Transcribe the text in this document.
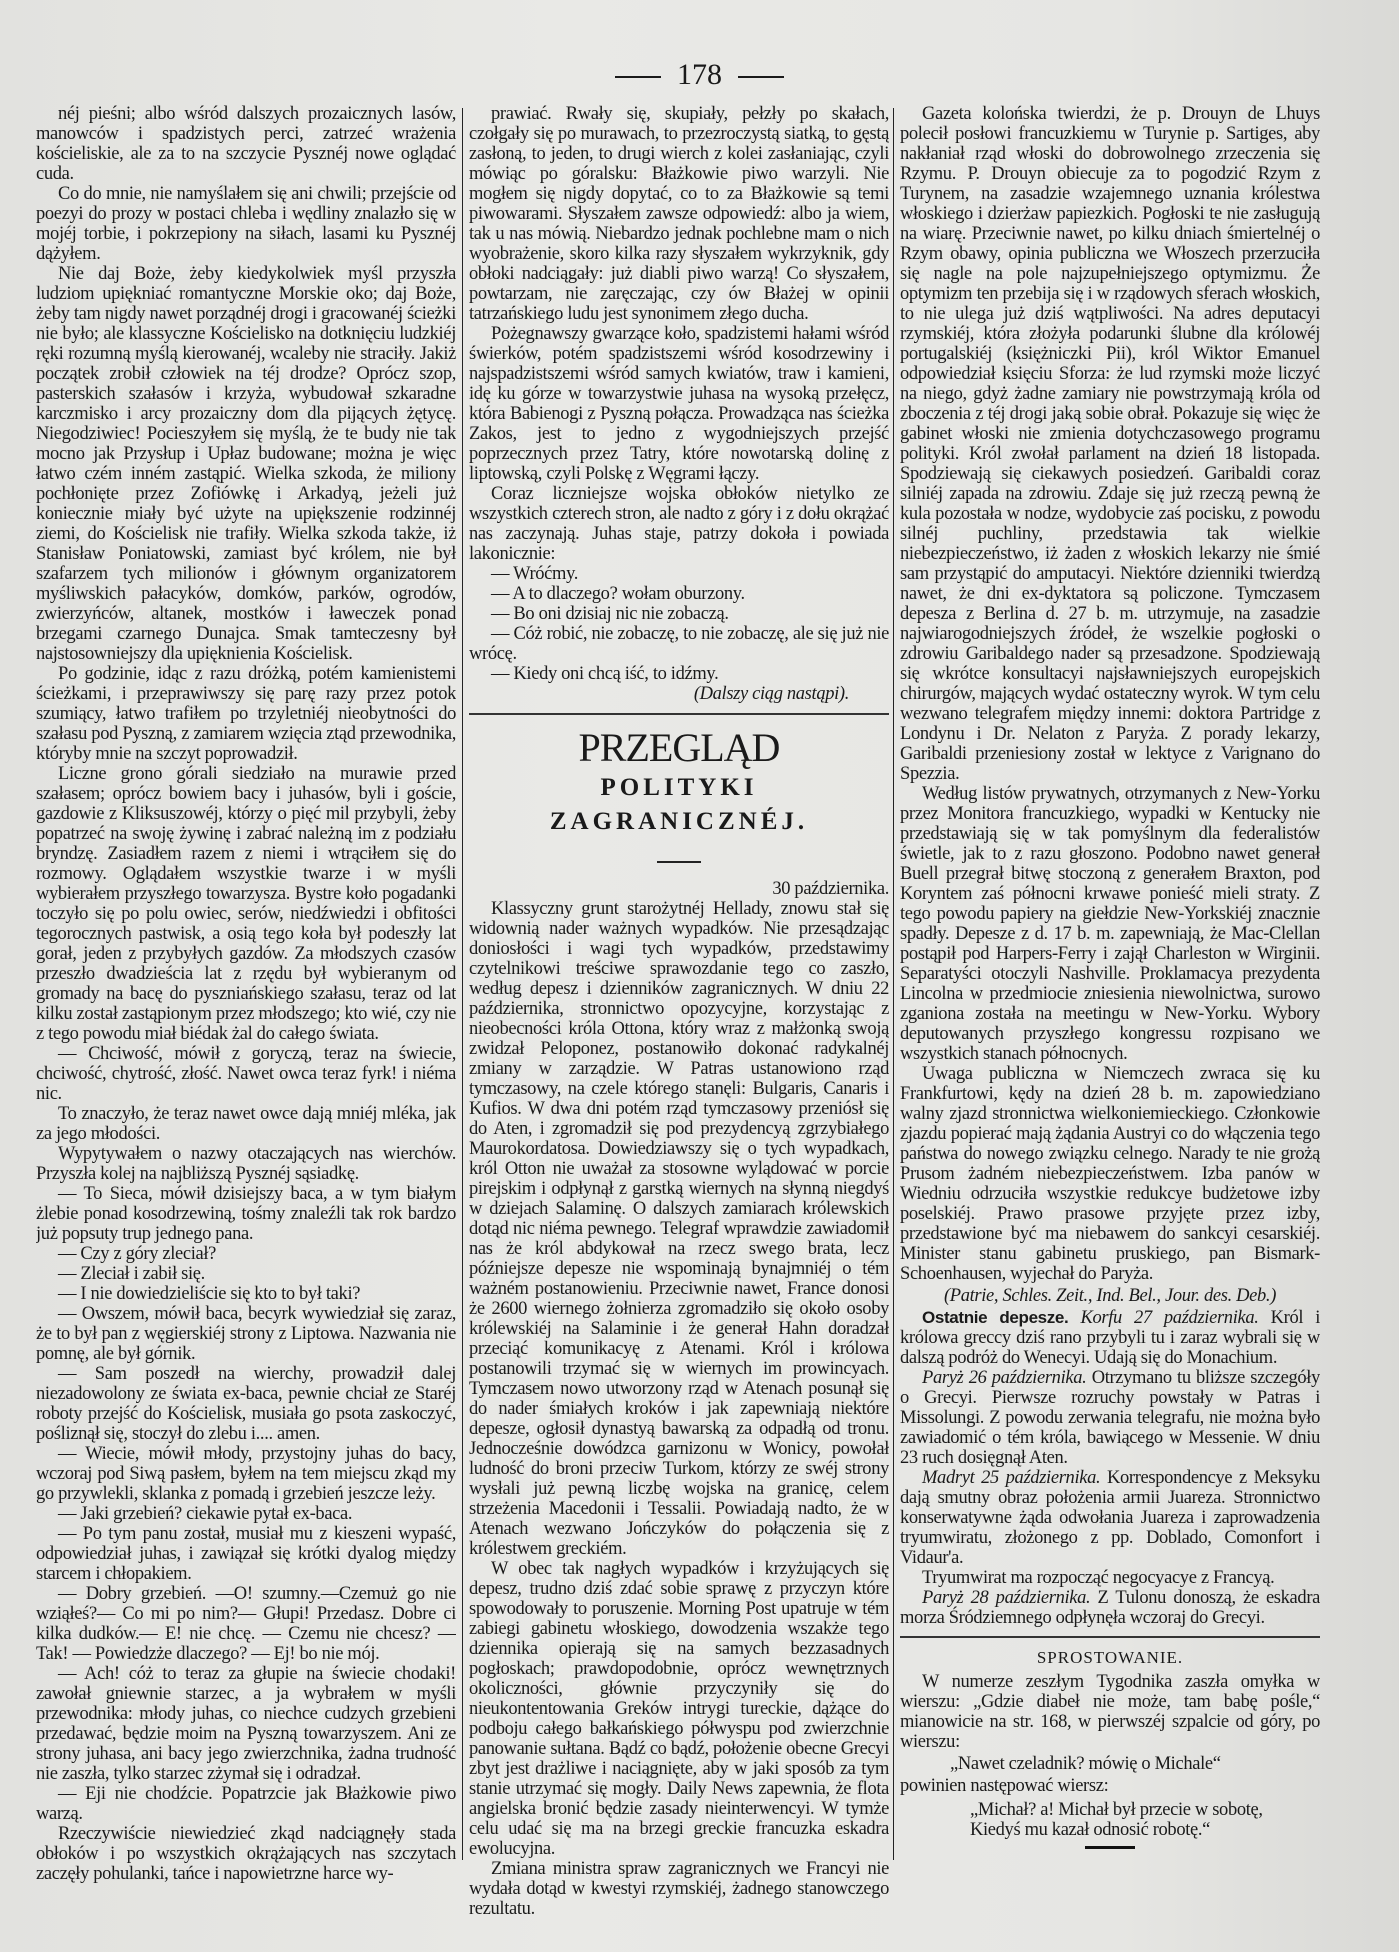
178

néj pieśni; albo wśród dalszych prozaicznych lasów, manowców i spadzistych perci, zatrzeć wrażenia kościeliskie, ale za to na szczycie Pysznéj nowe oglądać cuda.

Co do mnie, nie namyślałem się ani chwili; przejście od poezyi do prozy w postaci chleba i wędliny znalazło się w mojéj torbie, i pokrzepiony na siłach, lasami ku Pysznéj dążyłem.

Nie daj Boże, żeby kiedykolwiek myśl przyszła ludziom upiękniać romantyczne Morskie oko; daj Boże, żeby tam nigdy nawet porządnéj drogi i gracowanéj ścieżki nie było; ale klassyczne Kościelisko na dotknięciu ludzkiéj ręki rozumną myślą kierowanéj, wcaleby nie straciły. Jakiż początek zrobił człowiek na téj drodze? Oprócz szop, pasterskich szałasów i krzyża, wybudował szkaradne karczmisko i arcy prozaiczny dom dla pijących żętycę. Niegodziwiec! Pocieszyłem się myślą, że te budy nie tak mocno jak Przysłup i Upłaz budowane; można je więc łatwo czém inném zastąpić. Wielka szkoda, że miliony pochłonięte przez Zofiówkę i Arkadyą, jeżeli już koniecznie miały być użyte na upiększenie rodzinnéj ziemi, do Kościelisk nie trafiły. Wielka szkoda także, iż Stanisław Poniatowski, zamiast być królem, nie był szafarzem tych milionów i głównym organizatorem myśliwskich pałacyków, domków, parków, ogrodów, zwierzyńców, altanek, mostków i ławeczek ponad brzegami czarnego Dunajca. Smak tamteczesny był najstosowniejszy dla upięknienia Kościelisk.

Po godzinie, idąc z razu dróżką, potém kamienistemi ścieżkami, i przeprawiwszy się parę razy przez potok szumiący, łatwo trafiłem po trzyletniéj nieobytności do szałasu pod Pyszną, z zamiarem wzięcia ztąd przewodnika, któryby mnie na szczyt poprowadził.

Liczne grono górali siedziało na murawie przed szałasem; oprócz bowiem bacy i juhasów, byli i goście, gazdowie z Kliksuszowéj, którzy o pięć mil przybyli, żeby popatrzeć na swoję żywinę i zabrać należną im z podziału bryndzę. Zasiadłem razem z niemi i wtrąciłem się do rozmowy. Oglądałem wszystkie twarze i w myśli wybierałem przyszłego towarzysza. Bystre koło pogadanki toczyło się po polu owiec, serów, niedźwiedzi i obfitości tegorocznych pastwisk, a osią tego koła był podeszły lat gorał, jeden z przybyłych gazdów. Za młodszych czasów przeszło dwadzieścia lat z rzędu był wybieranym od gromady na bacę do pyszniańskiego szałasu, teraz od lat kilku został zastąpionym przez młodszego; kto wié, czy nie z tego powodu miał biédak żal do całego świata.

— Chciwość, mówił z goryczą, teraz na świecie, chciwość, chytrość, złość. Nawet owca teraz fyrk! i niéma nic.

To znaczyło, że teraz nawet owce dają mniéj mléka, jak za jego młodości.

Wypytywałem o nazwy otaczających nas wierchów. Przyszła kolej na najbliższą Pysznéj sąsiadkę.

— To Sieca, mówił dzisiejszy baca, a w tym białym żlebie ponad kosodrzewiną, tośmy znaleźli tak rok bardzo już popsuty trup jednego pana.

— Czy z góry zleciał?

— Zleciał i zabił się.

— I nie dowiedzieliście się kto to był taki?

— Owszem, mówił baca, becyrk wywiedział się zaraz, że to był pan z węgierskiéj strony z Liptowa. Nazwania nie pomnę, ale był górnik.

— Sam poszedł na wierchy, prowadził dalej niezadowolony ze świata ex-baca, pewnie chciał ze Staréj roboty przejść do Kościelisk, musiała go psota zaskoczyć, pośliznął się, stoczył do zlebu i.... amen.

— Wiecie, mówił młody, przystojny juhas do bacy, wczoraj pod Siwą pasłem, byłem na tem miejscu zkąd my go przywlekli, sklanka z pomadą i grzebień jeszcze leży.

— Jaki grzebień? ciekawie pytał ex-baca.

— Po tym panu został, musiał mu z kieszeni wypaść, odpowiedział juhas, i zawiązał się krótki dyalog między starcem i chłopakiem.

— Dobry grzebień. —O! szumny.—Czemuż go nie wziąłeś?— Co mi po nim?— Głupi! Przedasz. Dobre ci kilka dudków.— E! nie chcę. — Czemu nie chcesz? —Tak! — Powiedzże dlaczego? — Ej! bo nie mój.

— Ach! cóż to teraz za głupie na świecie chodaki! zawołał gniewnie starzec, a ja wybrałem w myśli przewodnika: młody juhas, co niechce cudzych grzebieni przedawać, będzie moim na Pyszną towarzyszem. Ani ze strony juhasa, ani bacy jego zwierzchnika, żadna trudność nie zaszła, tylko starzec zżymał się i odradzał.

— Eji nie chodźcie. Popatrzcie jak Błażkowie piwo warzą.

Rzeczywiście niewiedzieć zkąd nadciągnęły stada obłoków i po wszystkich okrążających nas szczytach zaczęły pohulanki, tańce i napowietrzne harce wy-

prawiać. Rwały się, skupiały, pełzły po skałach, czołgały się po murawach, to przezroczystą siatką, to gęstą zasłoną, to jeden, to drugi wierch z kolei zasłaniając, czyli mówiąc po góralsku: Błażkowie piwo warzyli. Nie mogłem się nigdy dopytać, co to za Błażkowie są temi piwowarami. Słyszałem zawsze odpowiedź: albo ja wiem, tak u nas mówią. Niebardzo jednak pochlebne mam o nich wyobrażenie, skoro kilka razy słyszałem wykrzyknik, gdy obłoki nadciągały: już diabli piwo warzą! Co słyszałem, powtarzam, nie zaręczając, czy ów Błażej w opinii tatrzańskiego ludu jest synonimem złego ducha.

Pożegnawszy gwarzące koło, spadzistemi hałami wśród świerków, potém spadzistszemi wśród kosodrzewiny i najspadzistszemi wśród samych kwiatów, traw i kamieni, idę ku górze w towarzystwie juhasa na wysoką przełęcz, która Babienogi z Pyszną połącza. Prowadząca nas ścieżka Zakos, jest to jedno z wygodniejszych przejść poprzecznych przez Tatry, które nowotarską dolinę z liptowską, czyli Polskę z Węgrami łączy.

Coraz liczniejsze wojska obłoków nietylko ze wszystkich czterech stron, ale nadto z góry i z dołu okrążać nas zaczynają. Juhas staje, patrzy dokoła i powiada lakonicznie:

— Wróćmy.

— A to dlaczego? wołam oburzony.

— Bo oni dzisiaj nic nie zobaczą.

— Cóż robić, nie zobaczę, to nie zobaczę, ale się już nie wrócę.

— Kiedy oni chcą iść, to idźmy.

(Dalszy ciąg nastąpi).

PRZEGLĄD
POLITYKI ZAGRANICZNÉJ.

30 października.

Klassyczny grunt starożytnéj Hellady, znowu stał się widownią nader ważnych wypadków. Nie przesądzając doniosłości i wagi tych wypadków, przedstawimy czytelnikowi treściwe sprawozdanie tego co zaszło, według depesz i dzienników zagranicznych. W dniu 22 października, stronnictwo opozycyjne, korzystając z nieobecności króla Ottona, który wraz z małżonką swoją zwidzał Peloponez, postanowiło dokonać radykalnéj zmiany w zarządzie. W Patras ustanowiono rząd tymczasowy, na czele którego stanęli: Bulgaris, Canaris i Kufios. W dwa dni potém rząd tymczasowy przeniósł się do Aten, i zgromadził się pod prezydencyą zgrzybiałego Maurokordatosa. Dowiedziawszy się o tych wypadkach, król Otton nie uważał za stosowne wylądować w porcie pirejskim i odpłynął z garstką wiernych na słynną niegdyś w dziejach Salaminę. O dalszych zamiarach królewskich dotąd nic niéma pewnego. Telegraf wprawdzie zawiadomił nas że król abdykował na rzecz swego brata, lecz późniejsze depesze nie wspominają bynajmniéj o tém ważném postanowieniu. Przeciwnie nawet, France donosi że 2600 wiernego żołnierza zgromadziło się około osoby królewskiéj na Salaminie i że generał Hahn doradzał przeciąć komunikacyę z Atenami. Król i królowa postanowili trzymać się w wiernych im prowincyach. Tymczasem nowo utworzony rząd w Atenach posunął się do nader śmiałych kroków i jak zapewniają niektóre depesze, ogłosił dynastyą bawarską za odpadłą od tronu. Jednocześnie dowódzca garnizonu w Wonicy, powołał ludność do broni przeciw Turkom, którzy ze swéj strony wysłali już pewną liczbę wojska na granicę, celem strzeżenia Macedonii i Tessalii. Powiadają nadto, że w Atenach wezwano Jończyków do połączenia się z królestwem greckiém.

W obec tak nagłych wypadków i krzyżujących się depesz, trudno dziś zdać sobie sprawę z przyczyn które spowodowały to poruszenie. Morning Post upatruje w tém zabiegi gabinetu włoskiego, dowodzenia wszakże tego dziennika opierają się na samych bezzasadnych pogłoskach; prawdopodobnie, oprócz wewnętrznych okoliczności, głównie przyczyniły się do nieukontentowania Greków intrygi tureckie, dążące do podboju całego bałkańskiego półwyspu pod zwierzchnie panowanie sułtana. Bądź co bądź, położenie obecne Grecyi zbyt jest drażliwe i naciągnięte, aby w jaki sposób za tym stanie utrzymać się mogły. Daily News zapewnia, że flota angielska bronić będzie zasady nieinterwencyi. W tymże celu udać się ma na brzegi greckie francuzka eskadra ewolucyjna.

Zmiana ministra spraw zagranicznych we Francyi nie wydała dotąd w kwestyi rzymskiéj, żadnego stanowczego rezultatu.

Gazeta kolońska twierdzi, że p. Drouyn de Lhuys polecił posłowi francuzkiemu w Turynie p. Sartiges, aby nakłaniał rząd włoski do dobrowolnego zrzeczenia się Rzymu. P. Drouyn obiecuje za to pogodzić Rzym z Turynem, na zasadzie wzajemnego uznania królestwa włoskiego i dzierżaw papiezkich. Pogłoski te nie zasługują na wiarę. Przeciwnie nawet, po kilku dniach śmiertelnéj o Rzym obawy, opinia publiczna we Włoszech przerzuciła się nagle na pole najzupełniejszego optymizmu. Że optymizm ten przebija się i w rządowych sferach włoskich, to nie ulega już dziś wątpliwości. Na adres deputacyi rzymskiéj, która złożyła podarunki ślubne dla królowéj portugalskiéj (księżniczki Pii), król Wiktor Emanuel odpowiedział księciu Sforza: że lud rzymski może liczyć na niego, gdyż żadne zamiary nie powstrzymają króla od zboczenia z téj drogi jaką sobie obrał. Pokazuje się więc że gabinet włoski nie zmienia dotychczasowego programu polityki. Król zwołał parlament na dzień 18 listopada. Spodziewają się ciekawych posiedzeń. Garibaldi coraz silniéj zapada na zdrowiu. Zdaje się już rzeczą pewną że kula pozostała w nodze, wydobycie zaś pocisku, z powodu silnéj puchliny, przedstawia tak wielkie niebezpieczeństwo, iż żaden z włoskich lekarzy nie śmié sam przystąpić do amputacyi. Niektóre dzienniki twierdzą nawet, że dni ex-dyktatora są policzone. Tymczasem depesza z Berlina d. 27 b. m. utrzymuje, na zasadzie najwiarogodniejszych źródeł, że wszelkie pogłoski o zdrowiu Garibaldego nader są przesadzone. Spodziewają się wkrótce konsultacyi najsławniejszych europejskich chirurgów, mających wydać ostateczny wyrok. W tym celu wezwano telegrafem między innemi: doktora Partridge z Londynu i Dr. Nelaton z Paryża. Z porady lekarzy, Garibaldi przeniesiony został w lektyce z Varignano do Spezzia.

Według listów prywatnych, otrzymanych z New-Yorku przez Monitora francuzkiego, wypadki w Kentucky nie przedstawiają się w tak pomyślnym dla federalistów świetle, jak to z razu głoszono. Podobno nawet generał Buell przegrał bitwę stoczoną z generałem Braxton, pod Koryntem zaś północni krwawe ponieść mieli straty. Z tego powodu papiery na giełdzie New-Yorkskiéj znacznie spadły. Depesze z d. 17 b. m. zapewniają, że Mac-Clellan postąpił pod Harpers-Ferry i zajął Charleston w Wirginii. Separatyści otoczyli Nashville. Proklamacya prezydenta Lincolna w przedmiocie zniesienia niewolnictwa, surowo zganiona została na meetingu w New-Yorku. Wybory deputowanych przyszłego kongressu rozpisano we wszystkich stanach północnych.

Uwaga publiczna w Niemczech zwraca się ku Frankfurtowi, kędy na dzień 28 b. m. zapowiedziano walny zjazd stronnictwa wielkoniemieckiego. Członkowie zjazdu popierać mają żądania Austryi co do włączenia tego państwa do nowego związku celnego. Narady te nie grożą Prusom żadném niebezpieczeństwem. Izba panów w Wiedniu odrzuciła wszystkie redukcye budżetowe izby poselskiéj. Prawo prasowe przyjęte przez izby, przedstawione być ma niebawem do sankcyi cesarskiéj. Minister stanu gabinetu pruskiego, pan Bismark-Schoenhausen, wyjechał do Paryża.

(Patrie, Schles. Zeit., Ind. Bel., Jour. des. Deb.)

Ostatnie depesze. Korfu 27 października. Król i królowa greccy dziś rano przybyli tu i zaraz wybrali się w dalszą podróż do Wenecyi. Udają się do Monachium.

Paryż 26 października. Otrzymano tu bliższe szczegóły o Grecyi. Pierwsze rozruchy powstały w Patras i Missolungi. Z powodu zerwania telegrafu, nie można było zawiadomić o tém króla, bawiącego w Messenie. W dniu 23 ruch dosięgnął Aten.

Madryt 25 października. Korrespondencye z Meksyku dają smutny obraz położenia armii Juareza. Stronnictwo konserwatywne żąda odwołania Juareza i zaprowadzenia tryumwiratu, złożonego z pp. Doblado, Comonfort i Vidaur'a.

Tryumwirat ma rozpocząć negocyacye z Francyą.

Paryż 28 października. Z Tulonu donoszą, że eskadra morza Śródziemnego odpłynęła wczoraj do Grecyi.

SPROSTOWANIE.

W numerze zeszłym Tygodnika zaszła omyłka w wierszu: „Gdzie diabeł nie może, tam babę pośle,“ mianowicie na str. 168, w pierwszéj szpalcie od góry, po wierszu:

„Nawet czeladnik? mówię o Michale“

powinien następować wiersz:

„Michał? a! Michał był przecie w sobotę,

Kiedyś mu kazał odnosić robotę.“
